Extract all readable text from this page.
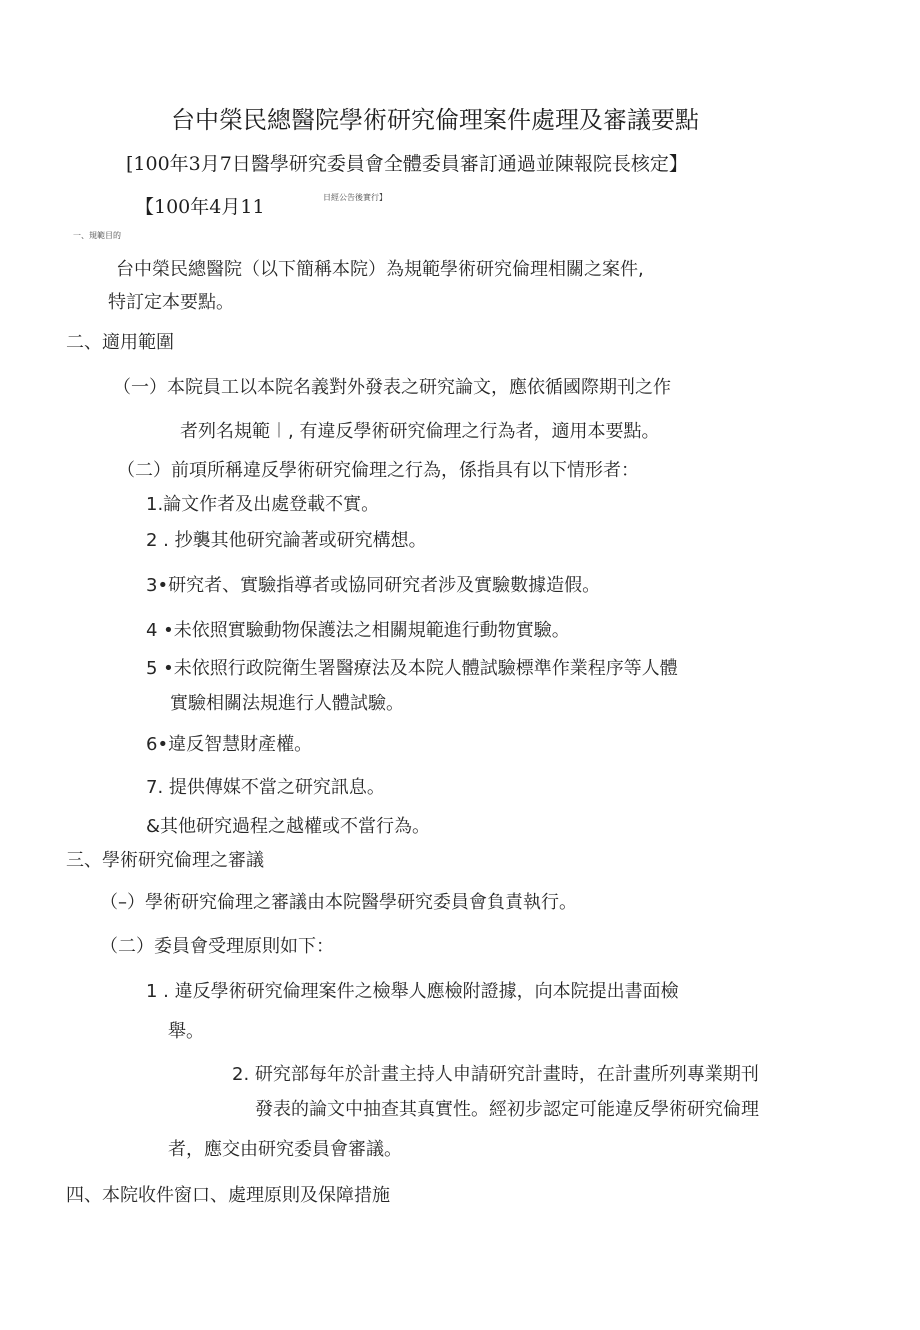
台中榮民總醫院學術研究倫理案件處理及審議要點
[100年3月7日醫學研究委員會全體委員審訂通過並陳報院長核定】
【100年4月11	日經公告後實行】
一、規範目的
台中榮民總醫院（以下簡稱本院）為規範學術研究倫理相關之案件,
特訂定本要點。
二、適用範圍
（一）本院員工以本院名義對外發表之研究論文，應依循國際期刊之作
者列名規範︱, 有違反學術研究倫理之行為者，適用本要點。
（二）前項所稱違反學術研究倫理之行為，係指具有以下情形者：
1.論文作者及出處登載不實。
2 . 抄襲其他研究論著或研究構想。
3•研究者、實驗指導者或協同研究者涉及實驗數據造假。
4 •未依照實驗動物保護法之相關規範進行動物實驗。
5 •未依照行政院衛生署醫療法及本院人體試驗標準作業程序等人體
實驗相關法規進行人體試驗。
6•違反智慧財產權。
7. 提供傳媒不當之研究訊息。
&其他研究過程之越權或不當行為。
三、學術研究倫理之審議
（–）學術研究倫理之審議由本院醫學研究委員會負責執行。
（二）委員會受理原則如下：
1 . 違反學術研究倫理案件之檢舉人應檢附證據，向本院提出書面檢
舉。
2. 研究部每年於計畫主持人申請研究計畫時，在計畫所列專業期刊
發表的論文中抽查其真實性。經初步認定可能違反學術研究倫理
者，應交由研究委員會審議。
四、本院收件窗口、處理原則及保障措施
